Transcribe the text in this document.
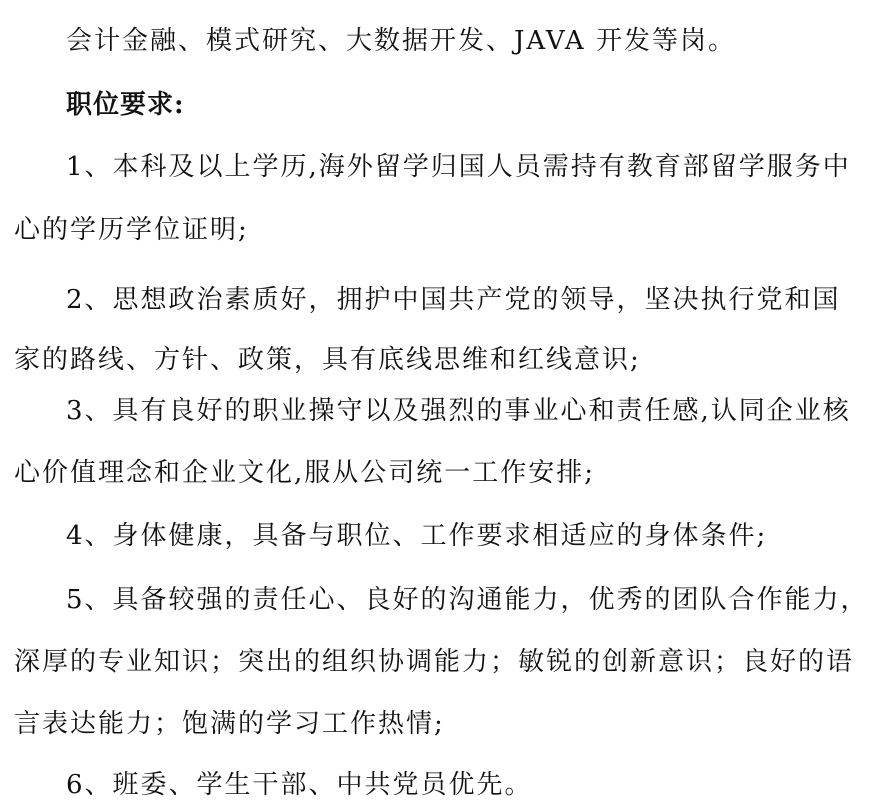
会计金融、模式研究、大数据开发、JAVA 开发等岗。
职位要求:
1、本科及以上学历,海外留学归国人员需持有教育部留学服务中
心的学历学位证明;
2、思想政治素质好，拥护中国共产党的领导，坚决执行党和国
家的路线、方针、政策，具有底线思维和红线意识;
3、具有良好的职业操守以及强烈的事业心和责任感,认同企业核
心价值理念和企业文化,服从公司统一工作安排;
4、身体健康，具备与职位、工作要求相适应的身体条件;
5、具备较强的责任心、良好的沟通能力，优秀的团队合作能力，
深厚的专业知识；突出的组织协调能力；敏锐的创新意识；良好的语
言表达能力；饱满的学习工作热情;
6、班委、学生干部、中共党员优先。
